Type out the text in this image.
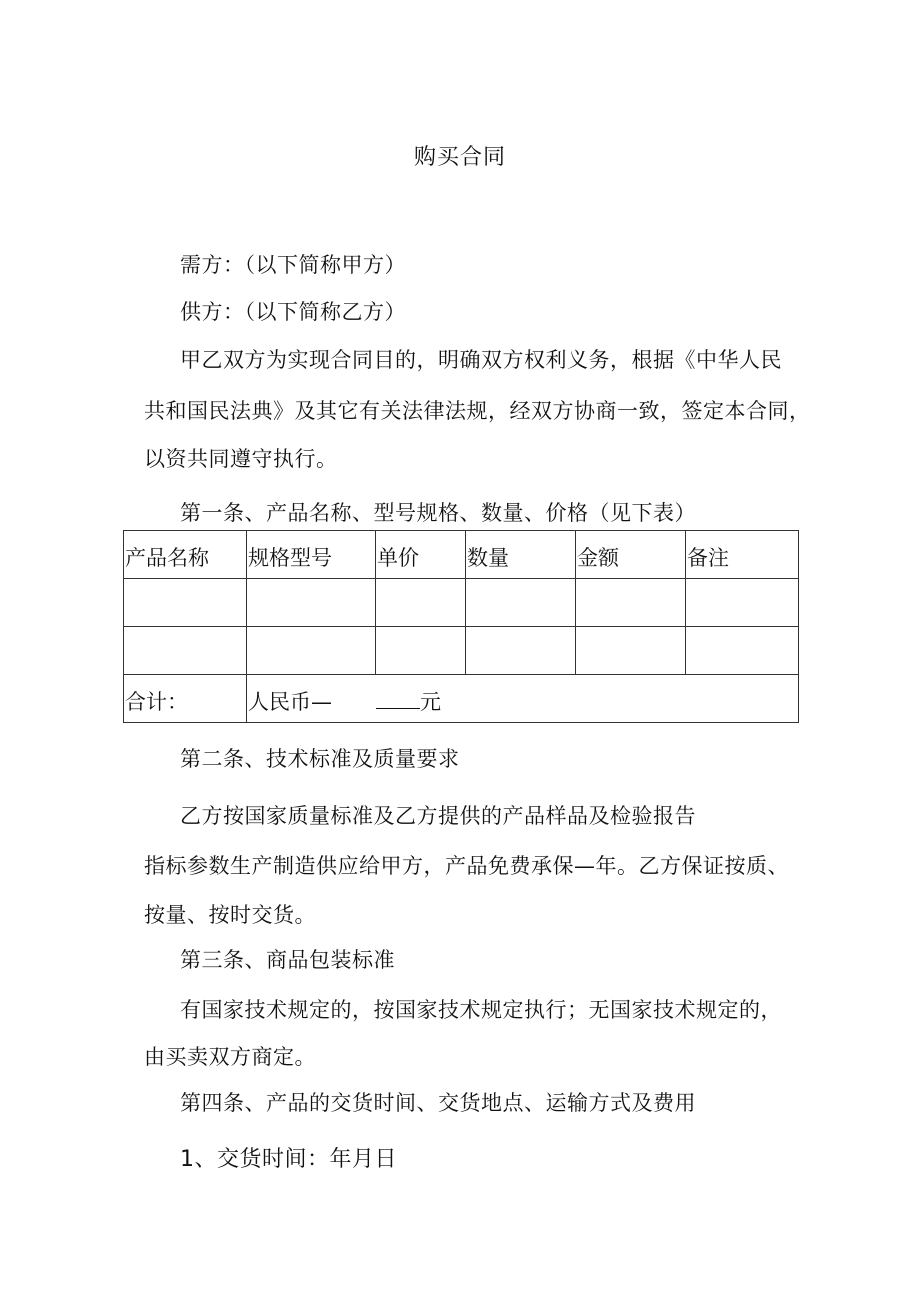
购买合同
需方：（以下简称甲方）
供方：（以下简称乙方）
甲乙双方为实现合同目的，明确双方权利义务，根据《中华人民
共和国民法典》及其它有关法律法规，经双方协商一致，签定本合同，
以资共同遵守执行。
第一条、产品名称、型号规格、数量、价格（见下表）
产品名称	规格型号	单价	数量	金额	备注

合计：	人民币— 元				
第二条、技术标准及质量要求
乙方按国家质量标准及乙方提供的产品样品及检验报告
指标参数生产制造供应给甲方，产品免费承保—年。乙方保证按质、
按量、按时交货。
第三条、商品包装标准
有国家技术规定的，按国家技术规定执行；无国家技术规定的，
由买卖双方商定。
第四条、产品的交货时间、交货地点、运输方式及费用
1、交货时间：年月日
